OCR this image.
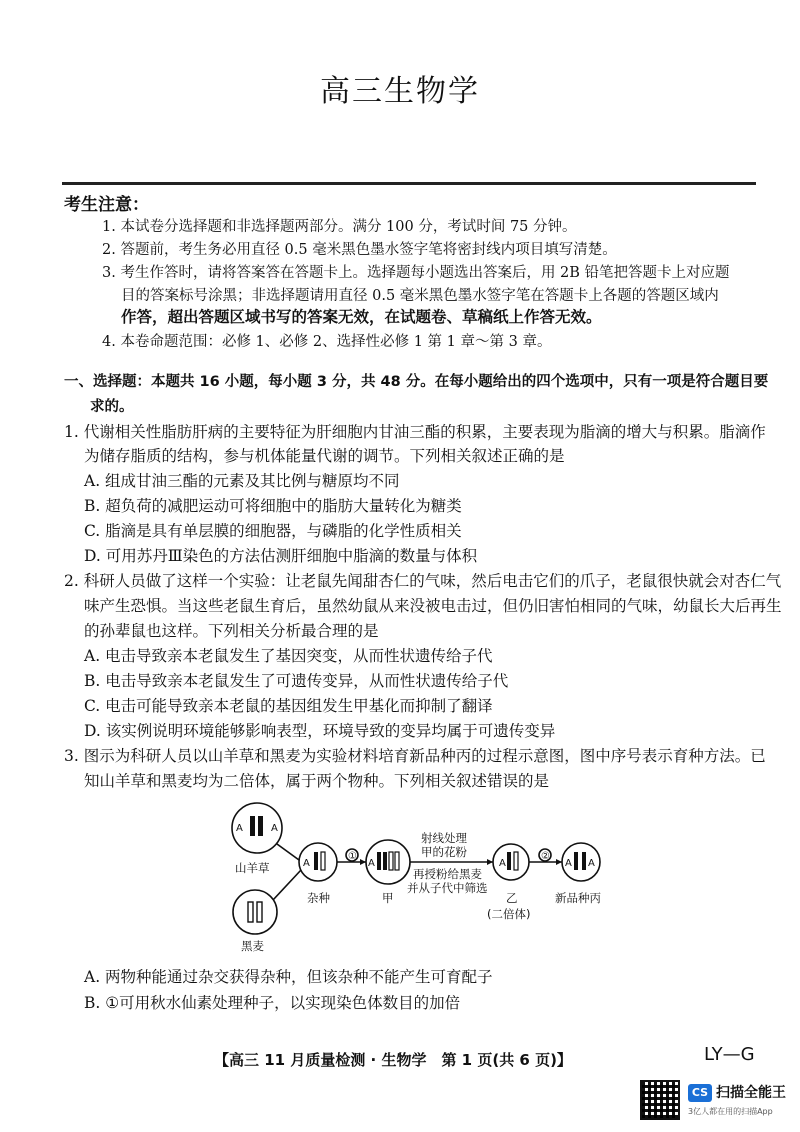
高三生物学
考生注意：
1. 本试卷分选择题和非选择题两部分。满分 100 分，考试时间 75 分钟。
2. 答题前，考生务必用直径 0.5 毫米黑色墨水签字笔将密封线内项目填写清楚。
3. 考生作答时，请将答案答在答题卡上。选择题每小题选出答案后，用 2B 铅笔把答题卡上对应题
目的答案标号涂黑；非选择题请用直径 0.5 毫米黑色墨水签字笔在答题卡上各题的答题区域内
作答，超出答题区域书写的答案无效，在试题卷、草稿纸上作答无效。
4. 本卷命题范围：必修 1、必修 2、选择性必修 1 第 1 章～第 3 章。
一、选择题：本题共 16 小题，每小题 3 分，共 48 分。在每小题给出的四个选项中，只有一项是符合题目要
求的。
1. 代谢相关性脂肪肝病的主要特征为肝细胞内甘油三酯的积累，主要表现为脂滴的增大与积累。脂滴作
为储存脂质的结构，参与机体能量代谢的调节。下列相关叙述正确的是
A. 组成甘油三酯的元素及其比例与糖原均不同
B. 超负荷的减肥运动可将细胞中的脂肪大量转化为糖类
C. 脂滴是具有单层膜的细胞器，与磷脂的化学性质相关
D. 可用苏丹Ⅲ染色的方法估测肝细胞中脂滴的数量与体积
2. 科研人员做了这样一个实验：让老鼠先闻甜杏仁的气味，然后电击它们的爪子，老鼠很快就会对杏仁气
味产生恐惧。当这些老鼠生育后，虽然幼鼠从来没被电击过，但仍旧害怕相同的气味，幼鼠长大后再生
的孙辈鼠也这样。下列相关分析最合理的是
A. 电击导致亲本老鼠发生了基因突变，从而性状遗传给子代
B. 电击导致亲本老鼠发生了可遗传变异，从而性状遗传给子代
C. 电击可能导致亲本老鼠的基因组发生甲基化而抑制了翻译
D. 该实例说明环境能够影响表型，环境导致的变异均属于可遗传变异
3. 图示为科研人员以山羊草和黑麦为实验材料培育新品种丙的过程示意图，图中序号表示育种方法。已
知山羊草和黑麦均为二倍体，属于两个物种。下列相关叙述错误的是
A	A
A	A	A	A A
①	②
山羊草
黑麦
杂种	甲	乙
(二倍体)
新品种丙
射线处理
甲的花粉
再授粉给黑麦
并从子代中筛选
A. 两物种能通过杂交获得杂种，但该杂种不能产生可育配子
B. ①可用秋水仙素处理种子，以实现染色体数目的加倍
【高三 11 月质量检测 · 生物学　第 1 页(共 6 页)】	LY—G
CS 扫描全能王
3亿人都在用的扫描App
